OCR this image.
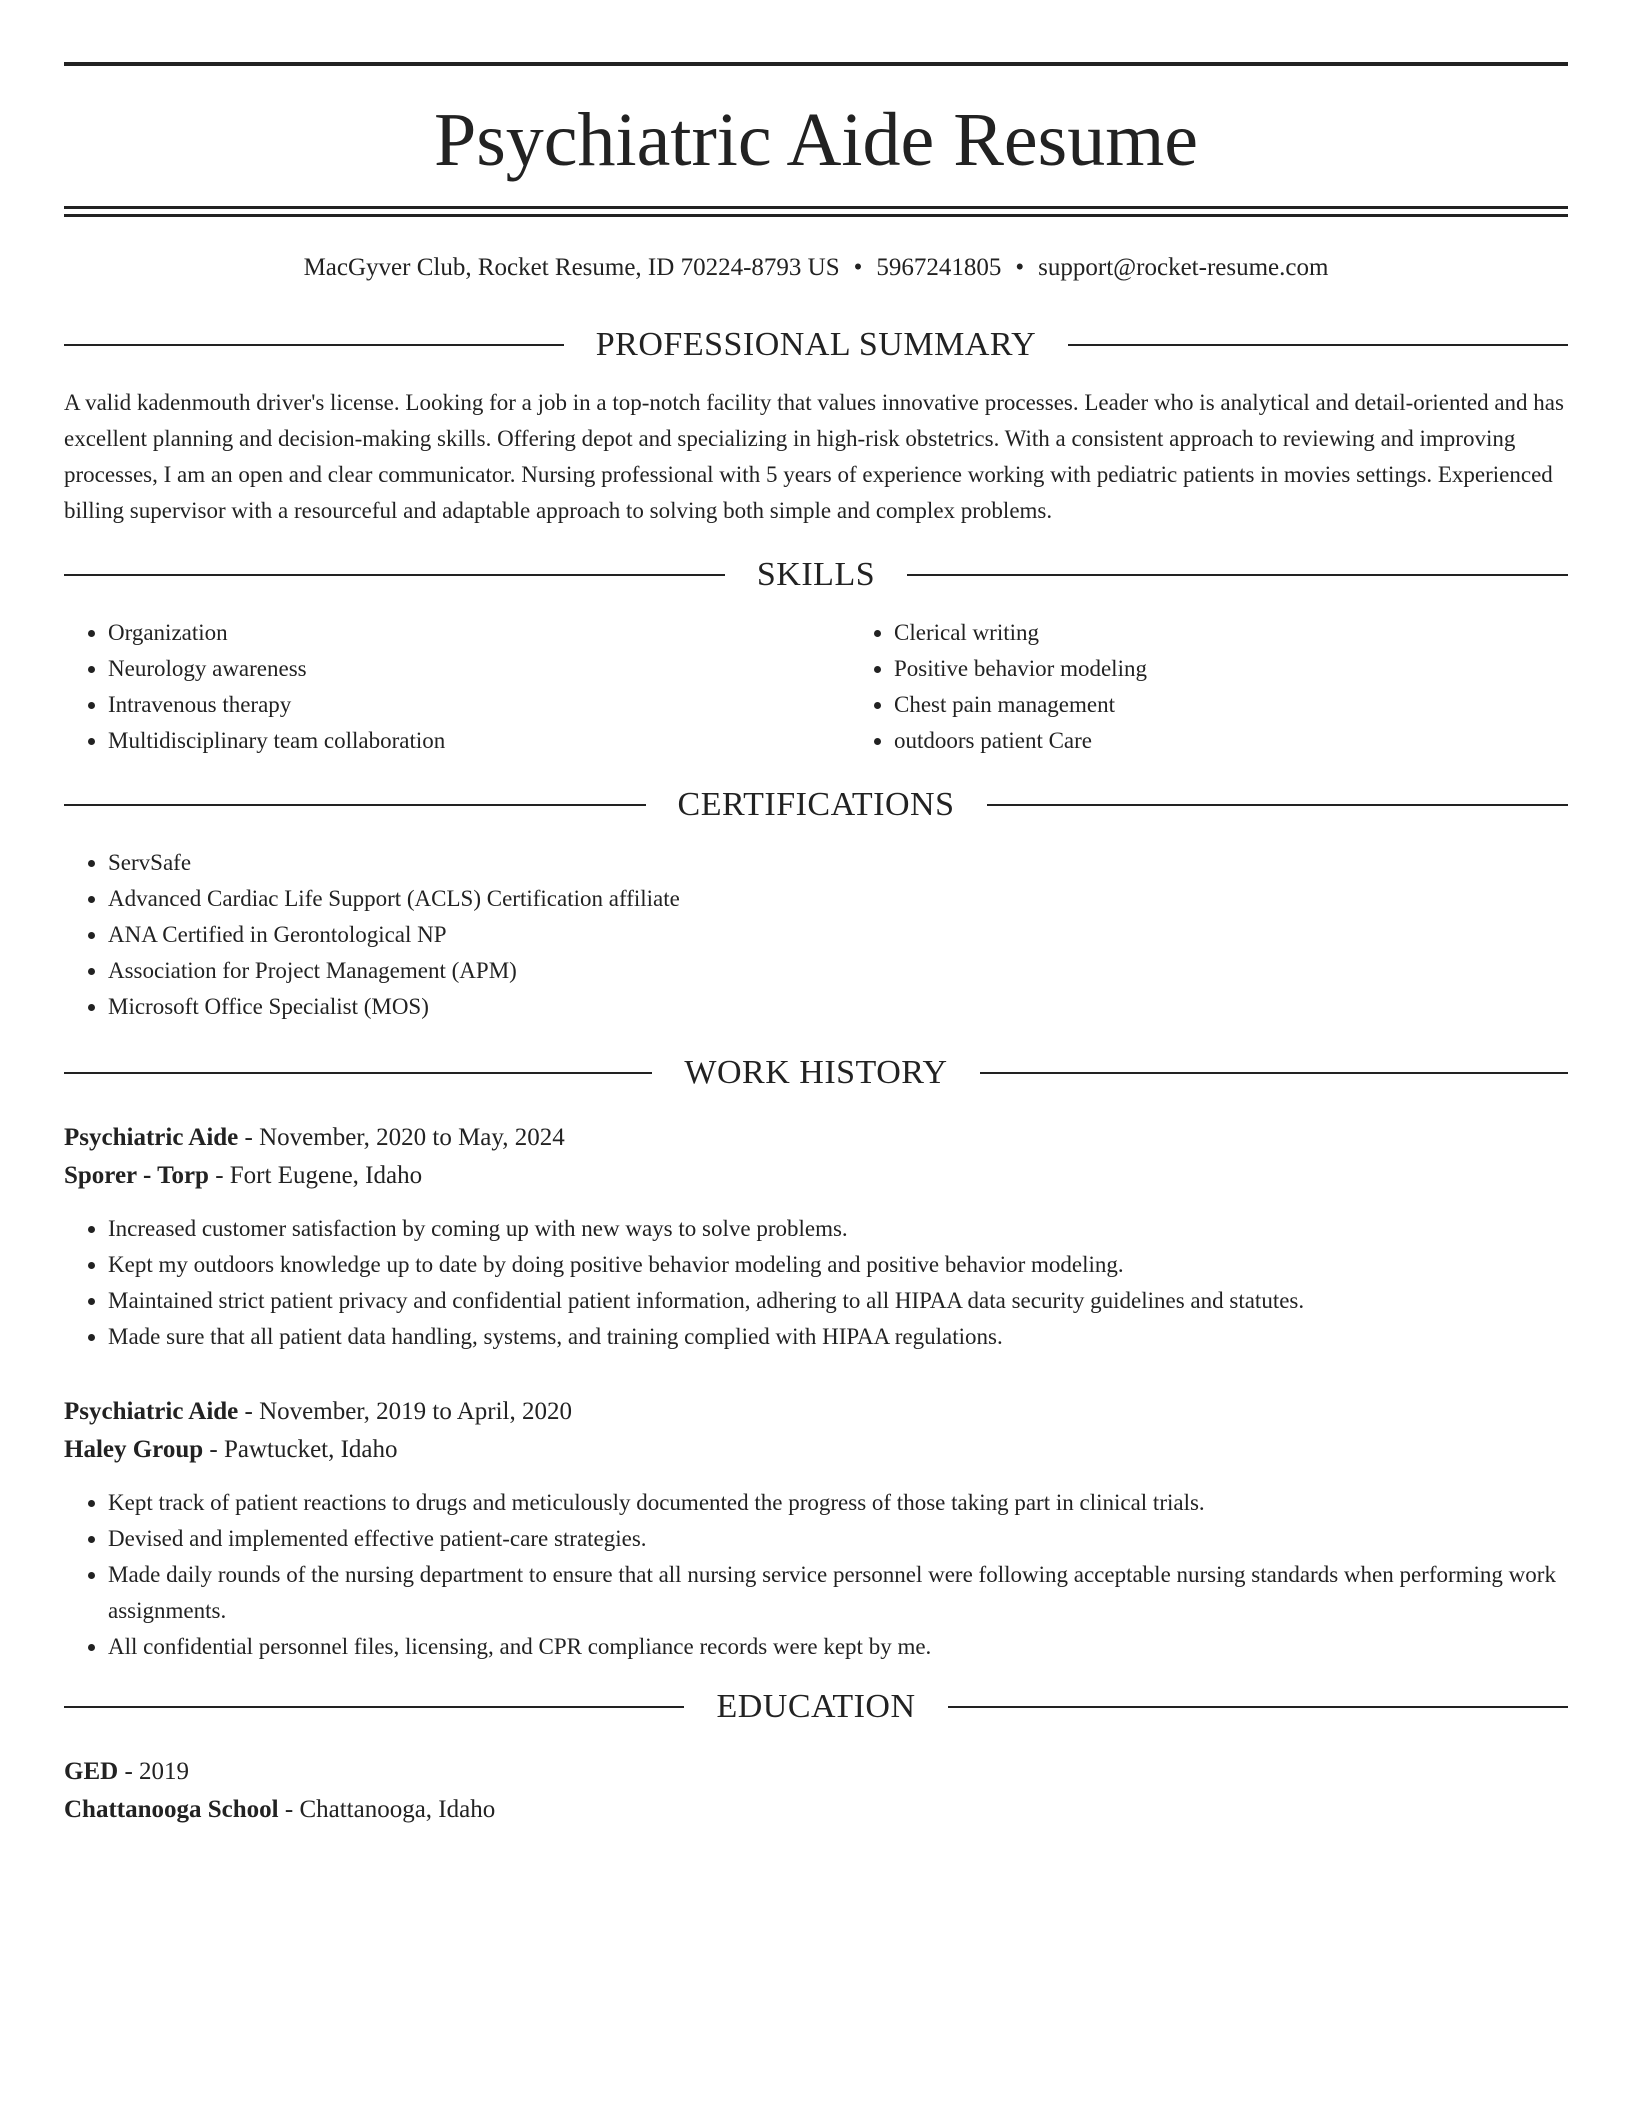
Psychiatric Aide Resume
MacGyver Club, Rocket Resume, ID 70224-8793 US • 5967241805 • support@rocket-resume.com
PROFESSIONAL SUMMARY

A valid kadenmouth driver's license. Looking for a job in a top-notch facility that values innovative processes. Leader who is analytical and detail-oriented and has excellent planning and decision-making skills. Offering depot and specializing in high-risk obstetrics. With a consistent approach to reviewing and improving processes, I am an open and clear communicator. Nursing professional with 5 years of experience working with pediatric patients in movies settings. Experienced billing supervisor with a resourceful and adaptable approach to solving both simple and complex problems.

SKILLS
• Organization
• Neurology awareness
• Intravenous therapy
• Multidisciplinary team collaboration
• Clerical writing
• Positive behavior modeling
• Chest pain management
• outdoors patient Care
CERTIFICATIONS
• ServSafe
• Advanced Cardiac Life Support (ACLS) Certification affiliate
• ANA Certified in Gerontological NP
• Association for Project Management (APM)
• Microsoft Office Specialist (MOS)
WORK HISTORY
Psychiatric Aide - November, 2020 to May, 2024
Sporer - Torp - Fort Eugene, Idaho
• Increased customer satisfaction by coming up with new ways to solve problems.
• Kept my outdoors knowledge up to date by doing positive behavior modeling and positive behavior modeling.
• Maintained strict patient privacy and confidential patient information, adhering to all HIPAA data security guidelines and statutes.
• Made sure that all patient data handling, systems, and training complied with HIPAA regulations.
Psychiatric Aide - November, 2019 to April, 2020
Haley Group - Pawtucket, Idaho
• Kept track of patient reactions to drugs and meticulously documented the progress of those taking part in clinical trials.
• Devised and implemented effective patient-care strategies.
• Made daily rounds of the nursing department to ensure that all nursing service personnel were following acceptable nursing standards when performing work assignments.
• All confidential personnel files, licensing, and CPR compliance records were kept by me.
EDUCATION
GED - 2019
Chattanooga School - Chattanooga, Idaho
